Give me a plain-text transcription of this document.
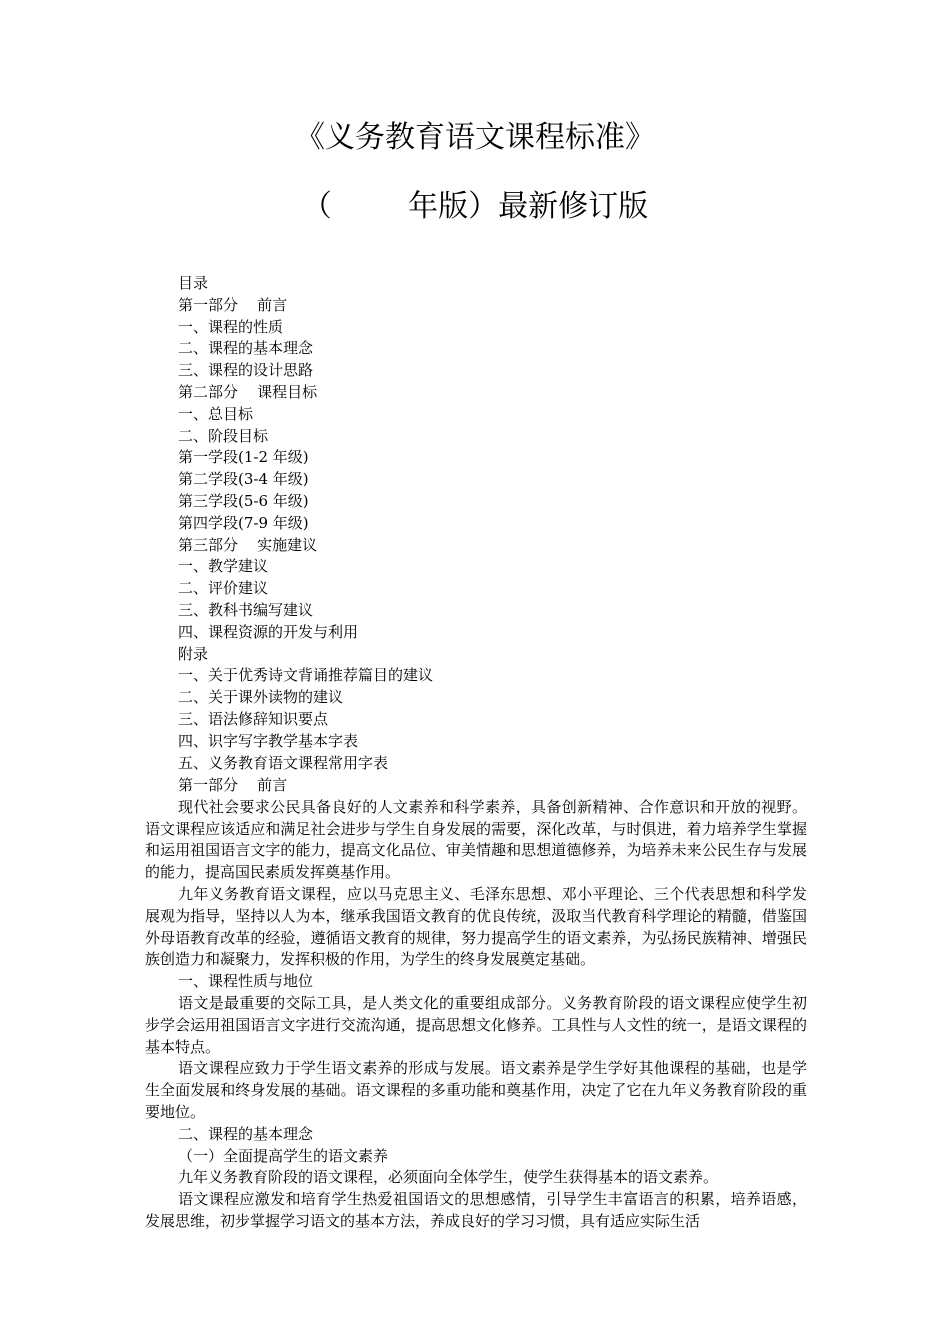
《义务教育语文课程标准》
（        年版）最新修订版
目录
第一部分    前言
一、课程的性质
二、课程的基本理念
三、课程的设计思路
第二部分    课程目标
一、总目标
二、阶段目标
第一学段(1-2 年级)
第二学段(3-4 年级)
第三学段(5-6 年级)
第四学段(7-9 年级)
第三部分    实施建议
一、教学建议
二、评价建议
三、教科书编写建议
四、课程资源的开发与利用
附录
一、关于优秀诗文背诵推荐篇目的建议
二、关于课外读物的建议
三、语法修辞知识要点
四、识字写字教学基本字表
五、义务教育语文课程常用字表
第一部分    前言

现代社会要求公民具备良好的人文素养和科学素养，具备创新精神、合作意识和开放的视野。语文课程应该适应和满足社会进步与学生自身发展的需要，深化改革，与时俱进，着力培养学生掌握和运用祖国语言文字的能力，提高文化品位、审美情趣和思想道德修养，为培养未来公民生存与发展的能力，提高国民素质发挥奠基作用。

九年义务教育语文课程，应以马克思主义、毛泽东思想、邓小平理论、三个代表思想和科学发展观为指导，坚持以人为本，继承我国语文教育的优良传统，汲取当代教育科学理论的精髓，借鉴国外母语教育改革的经验，遵循语文教育的规律，努力提高学生的语文素养，为弘扬民族精神、增强民族创造力和凝聚力，发挥积极的作用，为学生的终身发展奠定基础。

一、课程性质与地位

语文是最重要的交际工具，是人类文化的重要组成部分。义务教育阶段的语文课程应使学生初步学会运用祖国语言文字进行交流沟通，提高思想文化修养。工具性与人文性的统一，是语文课程的基本特点。

语文课程应致力于学生语文素养的形成与发展。语文素养是学生学好其他课程的基础，也是学生全面发展和终身发展的基础。语文课程的多重功能和奠基作用，决定了它在九年义务教育阶段的重要地位。

二、课程的基本理念
（一）全面提高学生的语文素养

九年义务教育阶段的语文课程，必须面向全体学生，使学生获得基本的语文素养。

语文课程应激发和培育学生热爱祖国语文的思想感情，引导学生丰富语言的积累，培养语感，发展思维，初步掌握学习语文的基本方法，养成良好的学习习惯，具有适应实际生活
